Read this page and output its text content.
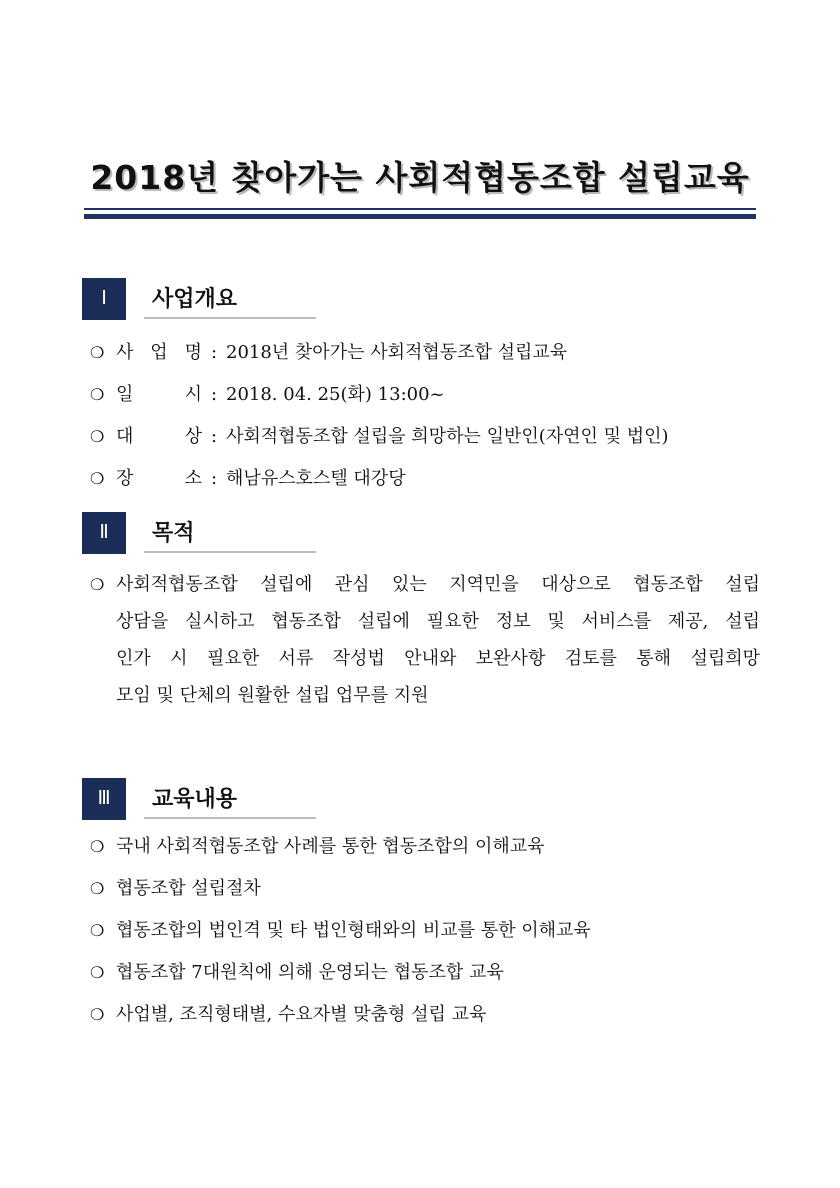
2018년 찾아가는 사회적협동조합 설립교육
Ⅰ	사업개요
❍ 사 업 명 : 2018년 찾아가는 사회적협동조합 설립교육
❍ 일 시 : 2018. 04. 25(화) 13:00~
❍ 대 상 : 사회적협동조합 설립을 희망하는 일반인(자연인 및 법인)
❍ 장 소 : 해남유스호스텔 대강당
Ⅱ	목적
❍ 사회적협동조합 설립에 관심 있는 지역민을 대상으로 협동조합 설립
상담을 실시하고 협동조합 설립에 필요한 정보 및 서비스를 제공, 설립
인가 시 필요한 서류 작성법 안내와 보완사항 검토를 통해 설립희망
모임 및 단체의 원활한 설립 업무를 지원
Ⅲ	교육내용
❍ 국내 사회적협동조합 사례를 통한 협동조합의 이해교육
❍ 협동조합 설립절차
❍ 협동조합의 법인격 및 타 법인형태와의 비교를 통한 이해교육
❍ 협동조합 7대원칙에 의해 운영되는 협동조합 교육
❍ 사업별, 조직형태별, 수요자별 맞춤형 설립 교육
